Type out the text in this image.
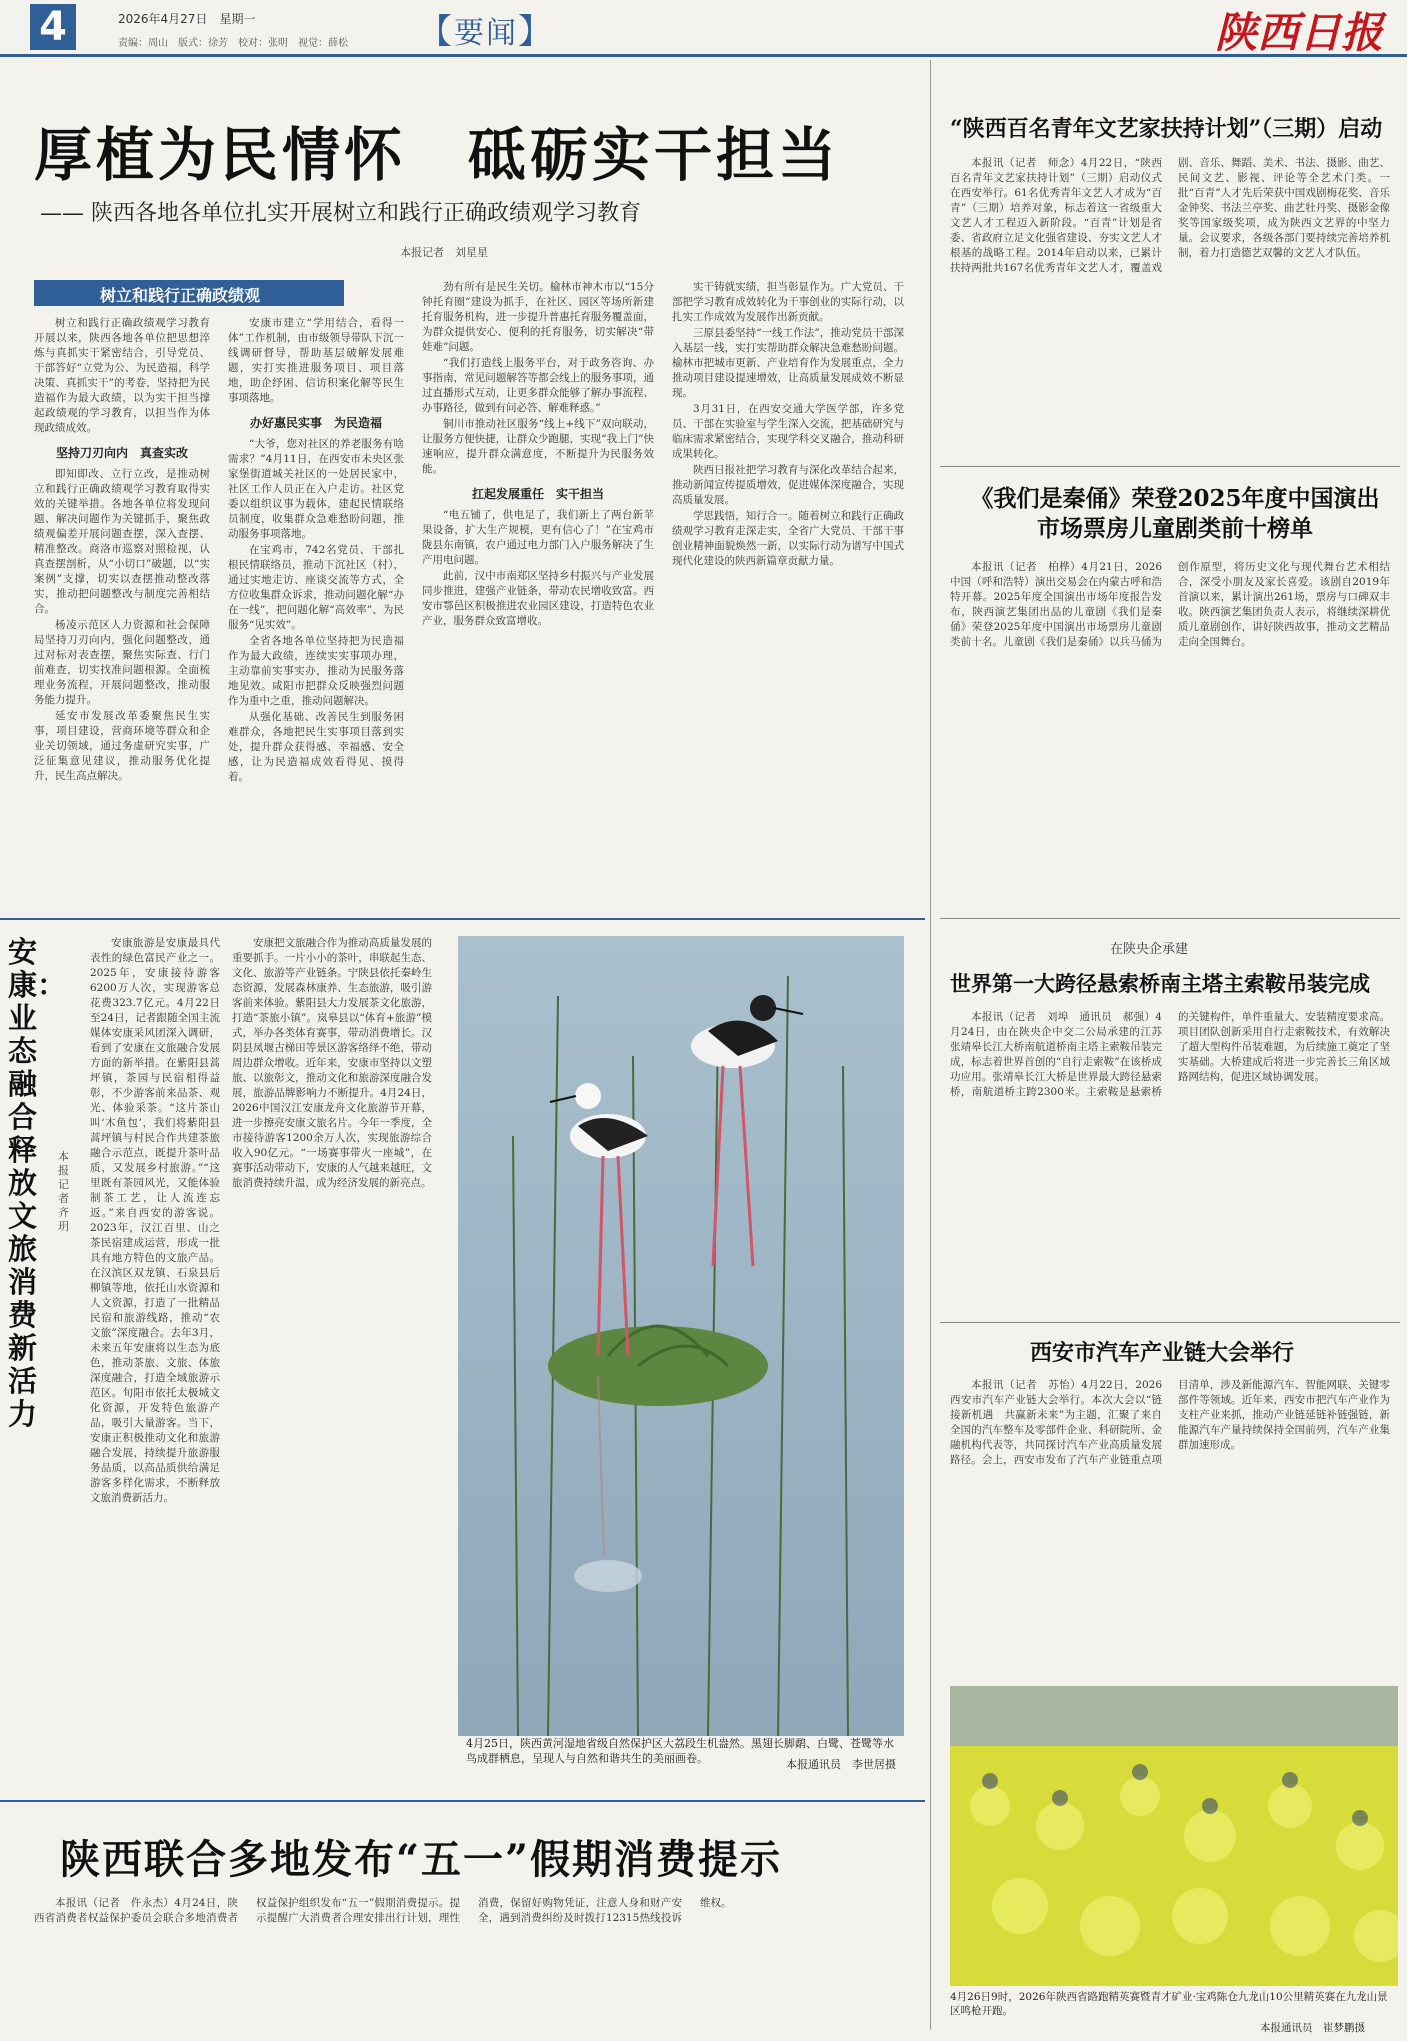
4	2026年4月27日　星期一
责编：周山　版式：徐芳　校对：张明　视觉：薛松 【要闻】	陕西日报
厚植为民情怀　砥砺实干担当
—— 陕西各地各单位扎实开展树立和践行正确政绩观学习教育
本报记者　刘星星
树立和践行正确政绩观

树立和践行正确政绩观学习教育开展以来，陕西各地各单位把思想淬炼与真抓实干紧密结合，引导党员、干部答好“立党为公、为民造福，科学决策、真抓实干”的考卷，坚持把为民造福作为最大政绩，以为实干担当撑起政绩观的学习教育，以担当作为体现政绩成效。

坚持刀刃向内　真查实改

即知即改、立行立改，是推动树立和践行正确政绩观学习教育取得实效的关键举措。各地各单位将发现问题、解决问题作为关键抓手，聚焦政绩观偏差开展问题查摆，深入查摆、精准整改。商洛市巡察对照检视，认真查摆剖析，从“小切口”破题，以“实案例”支撑，切实以查摆推动整改落实，推动把问题整改与制度完善相结合。

杨凌示范区人力资源和社会保障局坚持刀刃向内，强化问题整改，通过对标对表查摆，聚焦实际查、行门前难查，切实找准问题根源。全面梳理业务流程，开展问题整改，推动服务能力提升。

延安市发展改革委聚焦民生实事，项目建设，营商环境等群众和企业关切领域，通过务虚研究实事，广泛征集意见建议，推动服务优化提升，民生高点解决。

安康市建立“学用结合，看得一体”工作机制，由市级领导带队下沉一线调研督导，帮助基层破解发展难题，实打实推进服务项目、项目落地，助企纾困、信访积案化解等民生事项落地。

办好惠民实事　为民造福

“大爷，您对社区的养老服务有啥需求？”4月11日，在西安市未央区张家堡街道城关社区的一处居民家中，社区工作人员正在入户走访。社区党委以组织议事为载体，建起民情联络员制度，收集群众急难愁盼问题，推动服务事项落地。

在宝鸡市，742名党员、干部扎根民情联络员，推动下沉社区（村），通过实地走访、座谈交流等方式，全方位收集群众诉求，推动问题化解“办在一线”，把问题化解“高效率”、为民服务“见实效”。

全省各地各单位坚持把为民造福作为最大政绩，连续实实事项办理，主动靠前实事实办，推动为民服务落地见效。咸阳市把群众反映强烈问题作为重中之重，推动问题解决。

从强化基础、改善民生到服务困难群众，各地把民生实事项目落到实处，提升群众获得感、幸福感、安全感，让为民造福成效看得见、摸得着。

劲有所有是民生关切。榆林市神木市以“15分钟托育圈”建设为抓手，在社区、园区等场所新建托育服务机构，进一步提升普惠托育服务覆盖面，为群众提供安心、便利的托育服务，切实解决“带娃难”问题。

“我们打造线上服务平台，对于政务咨询、办事指南，常见问题解答等都会线上的服务事项，通过直播形式互动，让更多群众能够了解办事流程、办事路径，做到有问必答、解难释惑。”

铜川市推动社区服务“线上+线下”双向联动，让服务方便快捷，让群众少跑腿，实现“我上门”快速响应，提升群众满意度，不断提升为民服务效能。

扛起发展重任　实干担当

“电五铺了，供电足了，我们新上了两台新苹果设备，扩大生产规模，更有信心了！”在宝鸡市陇县东南镇，农户通过电力部门入户服务解决了生产用电问题。

此前，汉中市南郑区坚持乡村振兴与产业发展同步推进，建强产业链条，带动农民增收致富。西安市鄠邑区积极推进农业园区建设，打造特色农业产业，服务群众致富增收。

实干铸就实绩，担当彰显作为。广大党员、干部把学习教育成效转化为干事创业的实际行动，以扎实工作成效为发展作出新贡献。

三原县委坚持“一线工作法”，推动党员干部深入基层一线，实打实帮助群众解决急难愁盼问题。榆林市把城市更新、产业培育作为发展重点，全力推动项目建设提速增效，让高质量发展成效不断显现。

3月31日，在西安交通大学医学部，许多党员、干部在实验室与学生深入交流，把基础研究与临床需求紧密结合，实现学科交叉融合，推动科研成果转化。

陕西日报社把学习教育与深化改革结合起来，推动新闻宣传提质增效，促进媒体深度融合，实现高质量发展。

学思践悟，知行合一。随着树立和践行正确政绩观学习教育走深走实，全省广大党员、干部干事创业精神面貌焕然一新，以实际行动为谱写中国式现代化建设的陕西新篇章贡献力量。

安康：业态融合释放文旅消费新活力
本报记者　齐玥

安康旅游是安康最具代表性的绿色富民产业之一。2025年，安康接待游客6200万人次，实现游客总花费323.7亿元。4月22日至24日，记者跟随全国主流媒体安康采风团深入调研，看到了安康在文旅融合发展方面的新举措。在紫阳县蒿坪镇，茶园与民宿相得益彰，不少游客前来品茶、观光、体验采茶。“这片茶山叫‘木鱼包’，我们将紫阳县蒿坪镇与村民合作共建茶旅融合示范点，既提升茶叶品质，又发展乡村旅游。”“这里既有茶园风光，又能体验制茶工艺，让人流连忘返。”来自西安的游客说。2023年，汉江百里、山之茶民宿建成运营，形成一批具有地方特色的文旅产品。在汉滨区双龙镇、石泉县后柳镇等地，依托山水资源和人文资源，打造了一批精品民宿和旅游线路，推动“农文旅”深度融合。去年3月，未来五年安康将以生态为底色，推动茶旅、文旅、体旅深度融合，打造全域旅游示范区。旬阳市依托太极城文化资源，开发特色旅游产品，吸引大量游客。当下，安康正积极推动文化和旅游融合发展，持续提升旅游服务品质，以高品质供给满足游客多样化需求，不断释放文旅消费新活力。

安康把文旅融合作为推动高质量发展的重要抓手。一片小小的茶叶，串联起生态、文化、旅游等产业链条。宁陕县依托秦岭生态资源，发展森林康养、生态旅游，吸引游客前来体验。紫阳县大力发展茶文化旅游，打造“茶旅小镇”。岚皋县以“体育+旅游”模式，举办各类体育赛事，带动消费增长。汉阴县凤堰古梯田等景区游客络绎不绝，带动周边群众增收。近年来，安康市坚持以文塑旅、以旅彰文，推动文化和旅游深度融合发展，旅游品牌影响力不断提升。4月24日，2026中国汉江安康龙舟文化旅游节开幕，进一步擦亮安康文旅名片。今年一季度，全市接待游客1200余万人次，实现旅游综合收入90亿元。“一场赛事带火一座城”，在赛事活动带动下，安康的人气越来越旺，文旅消费持续升温，成为经济发展的新亮点。

4月25日，陕西黄河湿地省级自然保护区大荔段生机盎然。黑翅长脚鹬、白鹭、苍鹭等水鸟成群栖息，呈现人与自然和谐共生的美丽画卷。	本报通讯员　李世居摄
陕西联合多地发布“五一”假期消费提示

本报讯（记者　仵永杰）4月24日，陕西省消费者权益保护委员会联合多地消费者权益保护组织发布“五一”假期消费提示。提示提醒广大消费者合理安排出行计划，理性消费，保留好购物凭证，注意人身和财产安全，遇到消费纠纷及时拨打12315热线投诉维权。

“陕西百名青年文艺家扶持计划”（三期）启动

本报讯（记者　师念）4月22日，“陕西百名青年文艺家扶持计划”（三期）启动仪式在西安举行。61名优秀青年文艺人才成为“百青”（三期）培养对象，标志着这一省级重大文艺人才工程迈入新阶段。“百青”计划是省委、省政府立足文化强省建设、夯实文艺人才根基的战略工程。2014年启动以来，已累计扶持两批共167名优秀青年文艺人才，覆盖戏剧、音乐、舞蹈、美术、书法、摄影、曲艺、民间文艺、影视、评论等全艺术门类。一批“百青”人才先后荣获中国戏剧梅花奖、音乐金钟奖、书法兰亭奖、曲艺牡丹奖、摄影金像奖等国家级奖项，成为陕西文艺界的中坚力量。会议要求，各级各部门要持续完善培养机制，着力打造德艺双馨的文艺人才队伍。

《我们是秦俑》荣登2025年度中国演出市场票房儿童剧类前十榜单

本报讯（记者　柏桦）4月21日，2026中国（呼和浩特）演出交易会在内蒙古呼和浩特开幕。2025年度全国演出市场年度报告发布，陕西演艺集团出品的儿童剧《我们是秦俑》荣登2025年度中国演出市场票房儿童剧类前十名。儿童剧《我们是秦俑》以兵马俑为创作原型，将历史文化与现代舞台艺术相结合，深受小朋友及家长喜爱。该剧自2019年首演以来，累计演出261场，票房与口碑双丰收。陕西演艺集团负责人表示，将继续深耕优质儿童剧创作，讲好陕西故事，推动文艺精品走向全国舞台。

在陕央企承建
世界第一大跨径悬索桥南主塔主索鞍吊装完成

本报讯（记者　刘埠　通讯员　郝强）4月24日，由在陕央企中交二公局承建的江苏张靖皋长江大桥南航道桥南主塔主索鞍吊装完成，标志着世界首创的“自行走索鞍”在该桥成功应用。张靖皋长江大桥是世界最大跨径悬索桥，南航道桥主跨2300米。主索鞍是悬索桥的关键构件，单件重量大、安装精度要求高。项目团队创新采用自行走索鞍技术，有效解决了超大型构件吊装难题，为后续施工奠定了坚实基础。大桥建成后将进一步完善长三角区域路网结构，促进区域协调发展。

西安市汽车产业链大会举行

本报讯（记者　苏怡）4月22日，2026西安市汽车产业链大会举行。本次大会以“链接新机遇　共赢新未来”为主题，汇聚了来自全国的汽车整车及零部件企业、科研院所、金融机构代表等，共同探讨汽车产业高质量发展路径。会上，西安市发布了汽车产业链重点项目清单，涉及新能源汽车、智能网联、关键零部件等领域。近年来，西安市把汽车产业作为支柱产业来抓，推动产业链延链补链强链，新能源汽车产量持续保持全国前列，汽车产业集群加速形成。

4月26日9时，2026年陕西省路跑精英赛暨青才矿业·宝鸡陈仓九龙山10公里精英赛在九龙山景区鸣枪开跑。
本报通讯员　崔梦鹏摄
